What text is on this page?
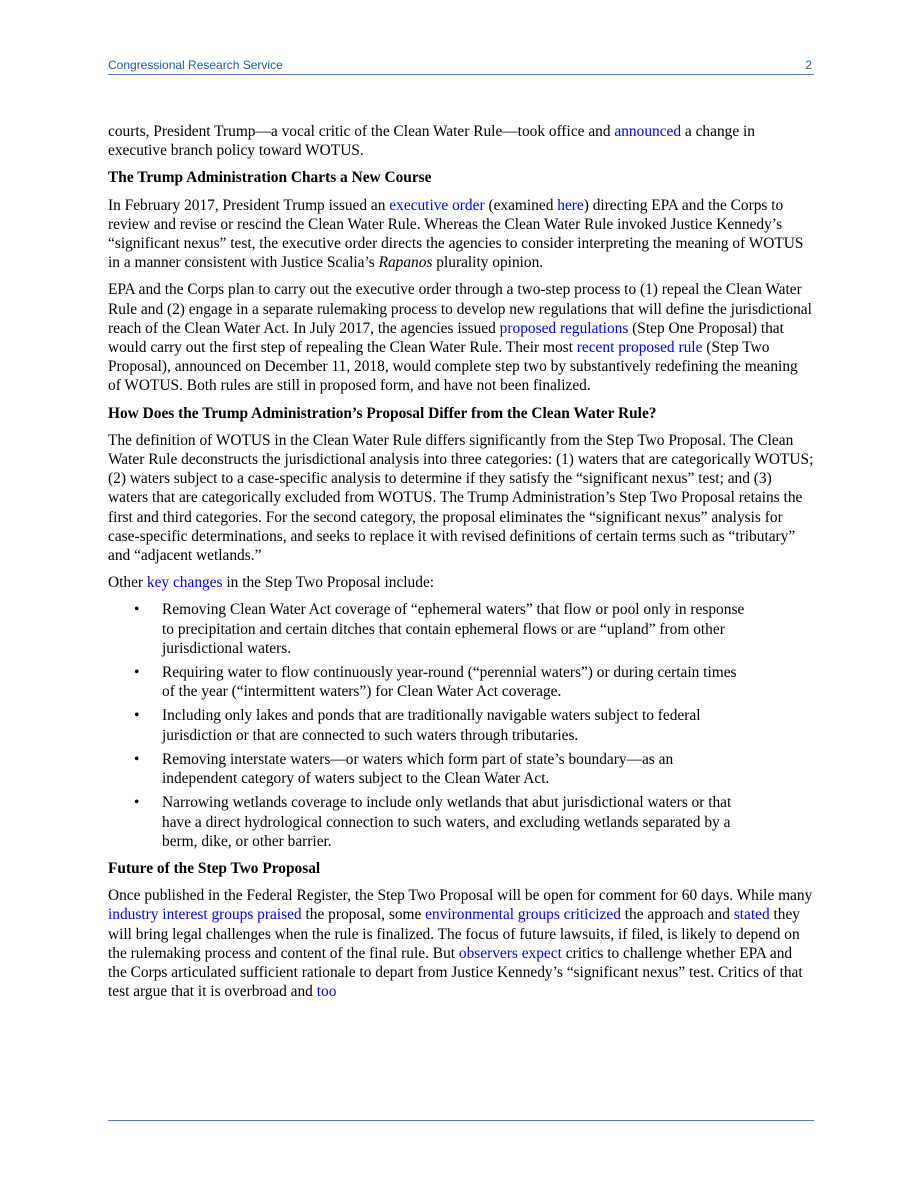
Congressional Research Service	2

courts, President Trump—a vocal critic of the Clean Water Rule—took office and announced a change in executive branch policy toward WOTUS.

The Trump Administration Charts a New Course

In February 2017, President Trump issued an executive order (examined here) directing EPA and the Corps to review and revise or rescind the Clean Water Rule. Whereas the Clean Water Rule invoked Justice Kennedy’s “significant nexus” test, the executive order directs the agencies to consider interpreting the meaning of WOTUS in a manner consistent with Justice Scalia’s Rapanos plurality opinion.

EPA and the Corps plan to carry out the executive order through a two-step process to (1) repeal the Clean Water Rule and (2) engage in a separate rulemaking process to develop new regulations that will define the jurisdictional reach of the Clean Water Act. In July 2017, the agencies issued proposed regulations (Step One Proposal) that would carry out the first step of repealing the Clean Water Rule. Their most recent proposed rule (Step Two Proposal), announced on December 11, 2018, would complete step two by substantively redefining the meaning of WOTUS. Both rules are still in proposed form, and have not been finalized.

How Does the Trump Administration’s Proposal Differ from the Clean Water Rule?

The definition of WOTUS in the Clean Water Rule differs significantly from the Step Two Proposal. The Clean Water Rule deconstructs the jurisdictional analysis into three categories: (1) waters that are categorically WOTUS; (2) waters subject to a case-specific analysis to determine if they satisfy the “significant nexus” test; and (3) waters that are categorically excluded from WOTUS. The Trump Administration’s Step Two Proposal retains the first and third categories. For the second category, the proposal eliminates the “significant nexus” analysis for case-specific determinations, and seeks to replace it with revised definitions of certain terms such as “tributary” and “adjacent wetlands.”

Other key changes in the Step Two Proposal include:

• Removing Clean Water Act coverage of “ephemeral waters” that flow or pool only in response to precipitation and certain ditches that contain ephemeral flows or are “upland” from other jurisdictional waters.
• Requiring water to flow continuously year-round (“perennial waters”) or during certain times of the year (“intermittent waters”) for Clean Water Act coverage.
• Including only lakes and ponds that are traditionally navigable waters subject to federal jurisdiction or that are connected to such waters through tributaries.
• Removing interstate waters—or waters which form part of state’s boundary—as an independent category of waters subject to the Clean Water Act.
• Narrowing wetlands coverage to include only wetlands that abut jurisdictional waters or that have a direct hydrological connection to such waters, and excluding wetlands separated by a berm, dike, or other barrier.
Future of the Step Two Proposal

Once published in the Federal Register, the Step Two Proposal will be open for comment for 60 days. While many industry interest groups praised the proposal, some environmental groups criticized the approach and stated they will bring legal challenges when the rule is finalized. The focus of future lawsuits, if filed, is likely to depend on the rulemaking process and content of the final rule. But observers expect critics to challenge whether EPA and the Corps articulated sufficient rationale to depart from Justice Kennedy’s “significant nexus” test. Critics of that test argue that it is overbroad and too
